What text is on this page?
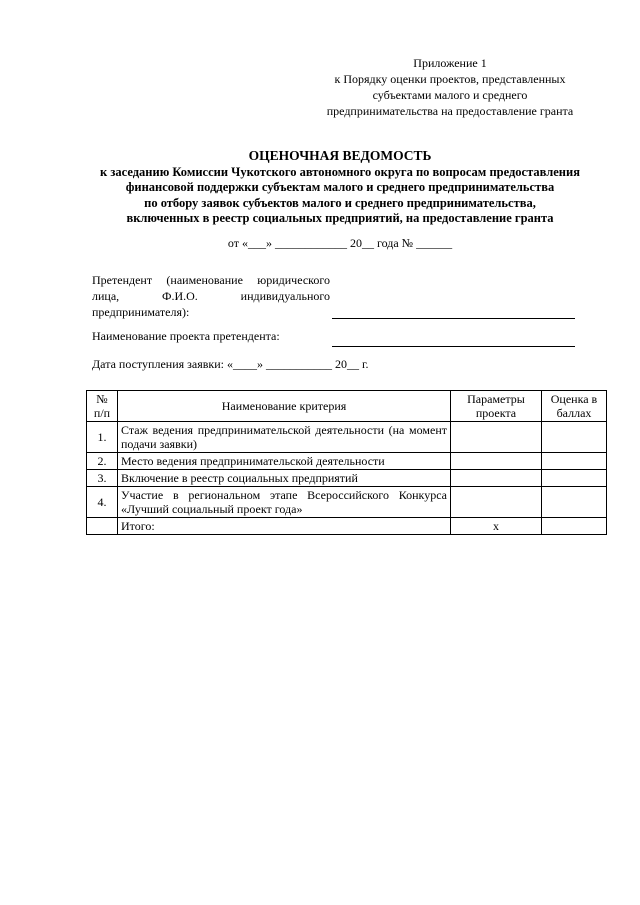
Приложение 1
к Порядку оценки проектов, представленных
субъектами малого и среднего
предпринимательства на предоставление гранта
ОЦЕНОЧНАЯ ВЕДОМОСТЬ
к заседанию Комиссии Чукотского автономного округа по вопросам предоставления
финансовой поддержки субъектам малого и среднего предпринимательства
по отбору заявок субъектов малого и среднего предпринимательства,
включенных в реестр социальных предприятий, на предоставление гранта
от «___» ____________ 20__ года № ______
Претендент (наименование юридического лица, Ф.И.О. индивидуального предпринимателя):
Наименование проекта претендента:
Дата поступления заявки: «____» ___________ 20__ г.
№ п/п	Наименование критерия	Параметры проекта	Оценка в баллах
1.	Стаж ведения предпринимательской деятельности (на момент подачи заявки)		
2.	Место ведения предпринимательской деятельности		
3.	Включение в реестр социальных предприятий		
4.	Участие в региональном этапе Всероссийского Конкурса «Лучший социальный проект года»		
	Итого:	x	
